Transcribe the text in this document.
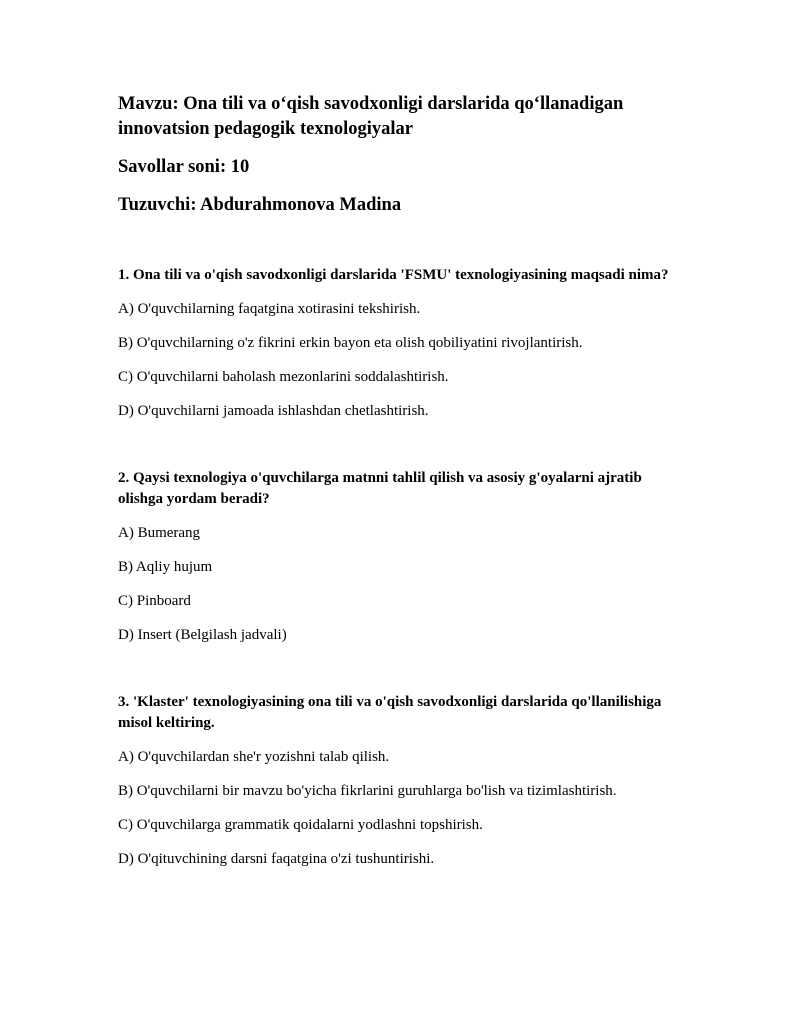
Mavzu: Ona tili va o‘qish savodxonligi darslarida qo‘llanadigan innovatsion pedagogik texnologiyalar

Savollar soni: 10

Tuzuvchi: Abdurahmonova Madina

1. Ona tili va o'qish savodxonligi darslarida 'FSMU' texnologiyasining maqsadi nima?

A) O'quvchilarning faqatgina xotirasini tekshirish.

B) O'quvchilarning o'z fikrini erkin bayon eta olish qobiliyatini rivojlantirish.

C) O'quvchilarni baholash mezonlarini soddalashtirish.

D) O'quvchilarni jamoada ishlashdan chetlashtirish.

2. Qaysi texnologiya o'quvchilarga matnni tahlil qilish va asosiy g'oyalarni ajratib olishga yordam beradi?

A) Bumerang

B) Aqliy hujum

C) Pinboard

D) Insert (Belgilash jadvali)

3. 'Klaster' texnologiyasining ona tili va o'qish savodxonligi darslarida qo'llanilishiga misol keltiring.

A) O'quvchilardan she'r yozishni talab qilish.

B) O'quvchilarni bir mavzu bo'yicha fikrlarini guruhlarga bo'lish va tizimlashtirish.

C) O'quvchilarga grammatik qoidalarni yodlashni topshirish.

D) O'qituvchining darsni faqatgina o'zi tushuntirishi.
